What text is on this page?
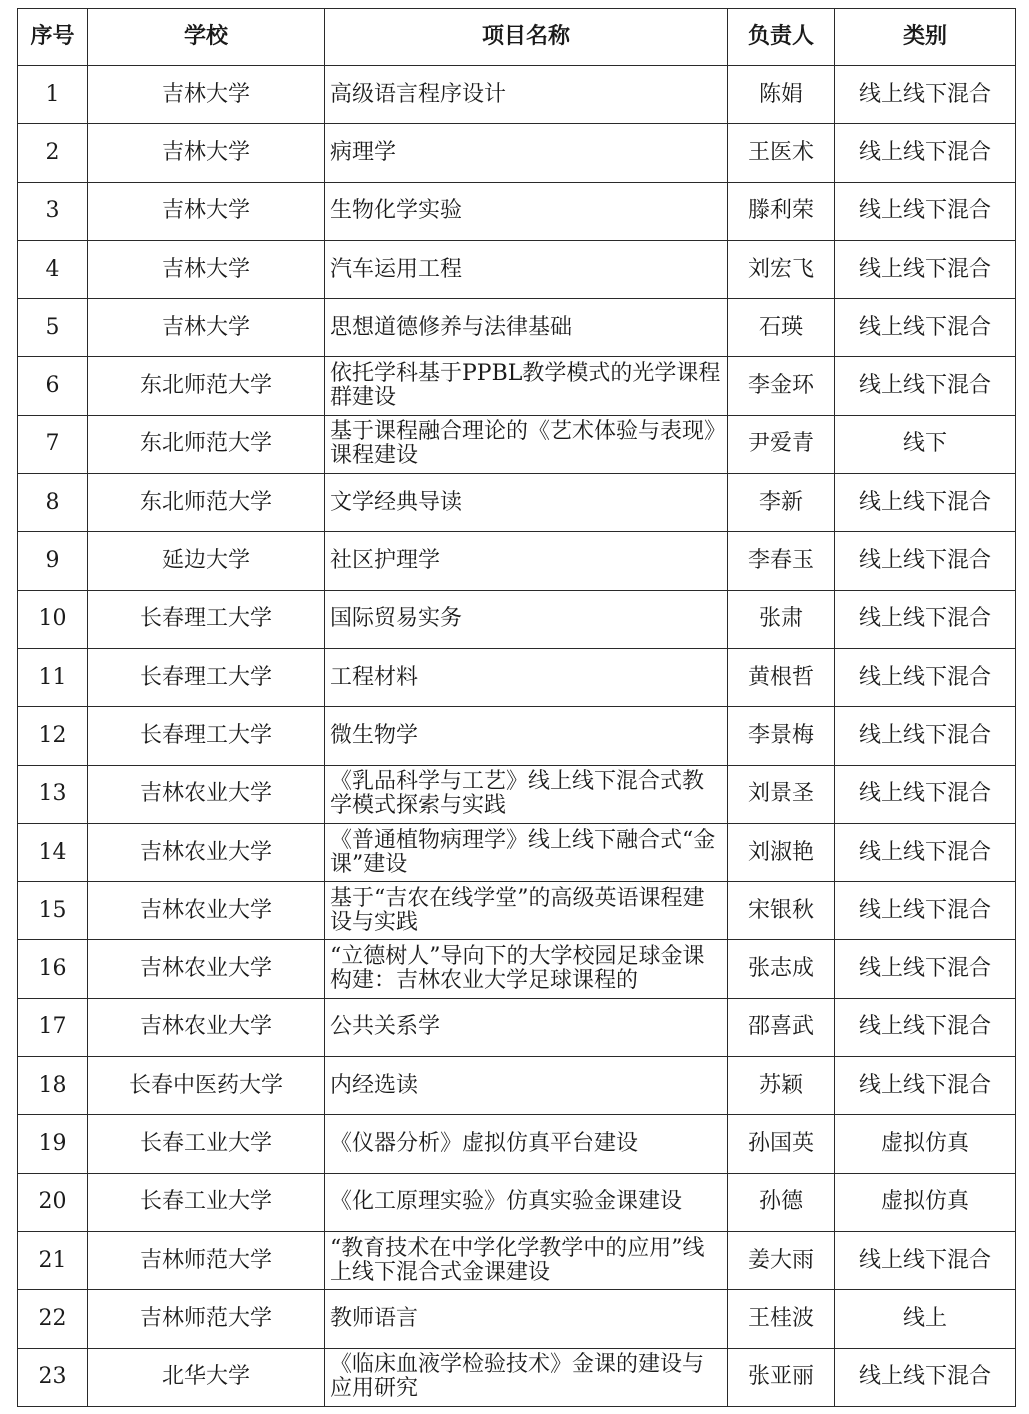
序号	学校	项目名称	负责人	类别
1	吉林大学	高级语言程序设计	陈娟	线上线下混合
2	吉林大学	病理学	王医术	线上线下混合
3	吉林大学	生物化学实验	滕利荣	线上线下混合
4	吉林大学	汽车运用工程	刘宏飞	线上线下混合
5	吉林大学	思想道德修养与法律基础	石瑛	线上线下混合
6	东北师范大学	依托学科基于PPBL教学模式的光学课程群建设	李金环	线上线下混合
7	东北师范大学	基于课程融合理论的《艺术体验与表现》课程建设	尹爱青	线下
8	东北师范大学	文学经典导读	李新	线上线下混合
9	延边大学	社区护理学	李春玉	线上线下混合
10	长春理工大学	国际贸易实务	张肃	线上线下混合
11	长春理工大学	工程材料	黄根哲	线上线下混合
12	长春理工大学	微生物学	李景梅	线上线下混合
13	吉林农业大学	《乳品科学与工艺》线上线下混合式教学模式探索与实践	刘景圣	线上线下混合
14	吉林农业大学	《普通植物病理学》线上线下融合式“金课”建设	刘淑艳	线上线下混合
15	吉林农业大学	基于“吉农在线学堂”的高级英语课程建设与实践	宋银秋	线上线下混合
16	吉林农业大学	“立德树人”导向下的大学校园足球金课构建：吉林农业大学足球课程的	张志成	线上线下混合
17	吉林农业大学	公共关系学	邵喜武	线上线下混合
18	长春中医药大学	内经选读	苏颖	线上线下混合
19	长春工业大学	《仪器分析》虚拟仿真平台建设	孙国英	虚拟仿真
20	长春工业大学	《化工原理实验》仿真实验金课建设	孙德	虚拟仿真
21	吉林师范大学	“教育技术在中学化学教学中的应用”线上线下混合式金课建设	姜大雨	线上线下混合
22	吉林师范大学	教师语言	王桂波	线上
23	北华大学	《临床血液学检验技术》金课的建设与应用研究	张亚丽	线上线下混合
